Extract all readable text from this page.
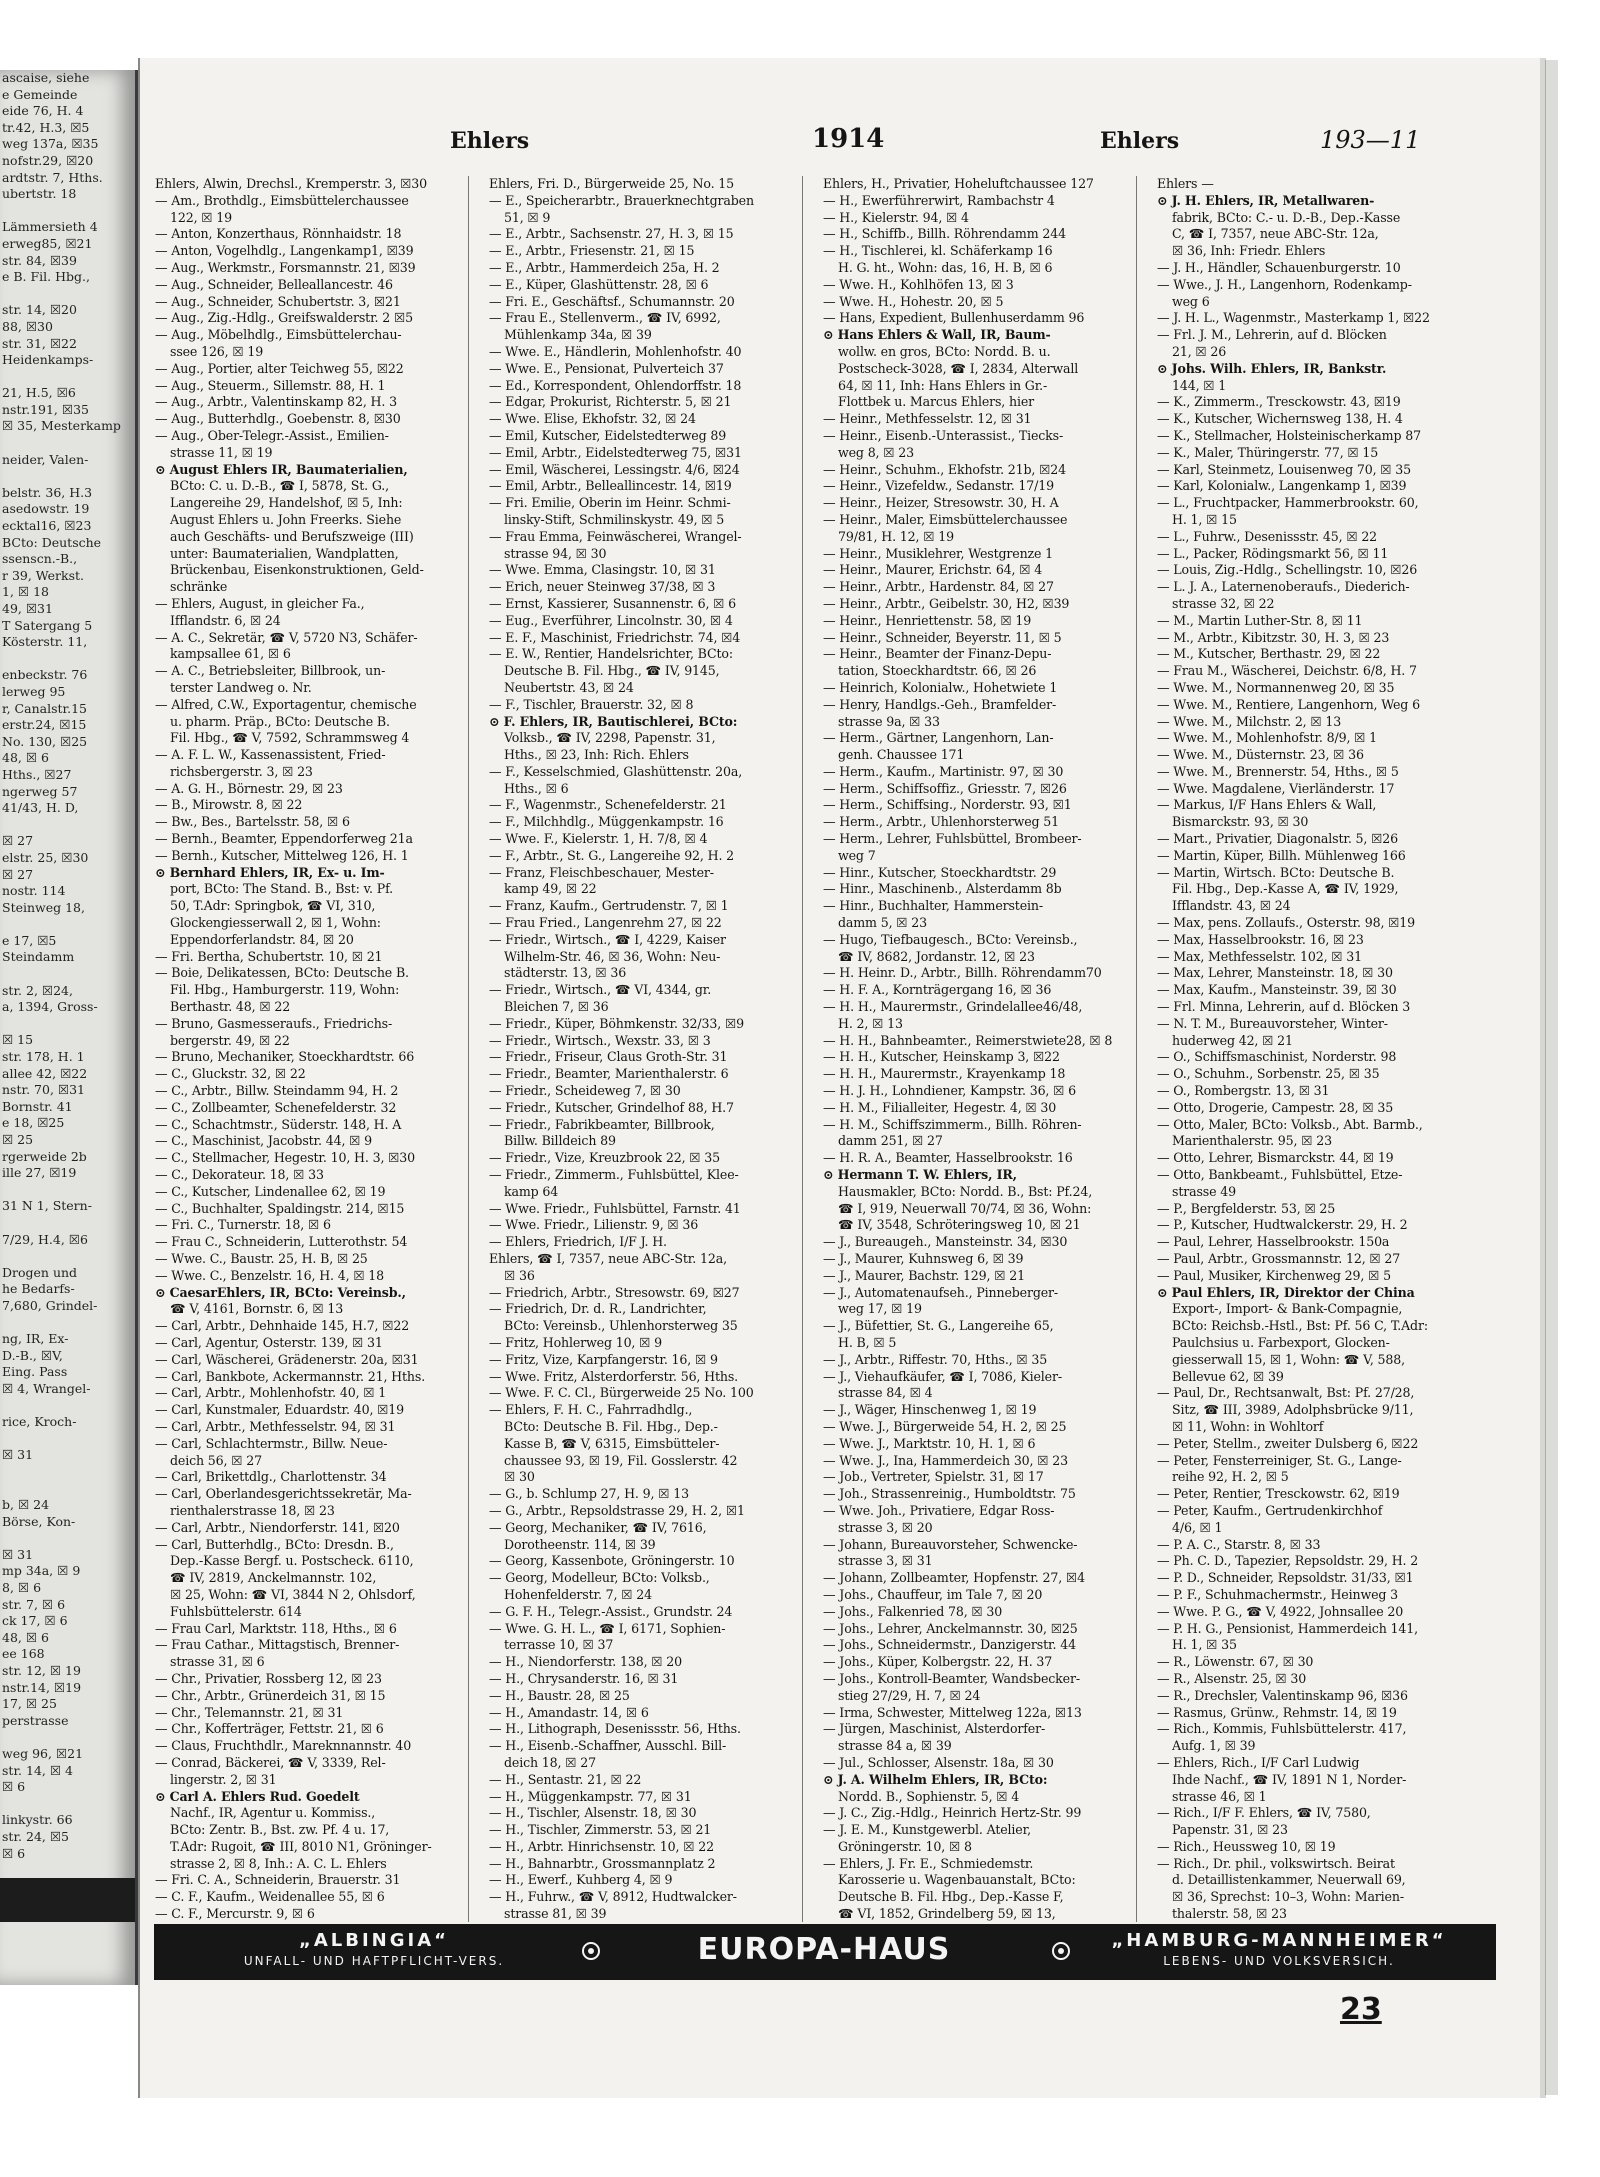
ascaise, siehe
e Gemeinde
eide 76, H. 4
tr.42, H.3, ☒5
weg 137a, ☒35
nofstr.29, ☒20
ardtstr. 7, Hths.
ubertstr. 18

Lämmersieth 4
erweg85, ☒21
str. 84, ☒39
e B. Fil. Hbg.,

str. 14, ☒20
88, ☒30
str. 31, ☒22
Heidenkamps-

21, H.5, ☒6
nstr.191, ☒35
☒ 35, Mesterkamp

neider, Valen-

belstr. 36, H.3
asedowstr. 19
ecktal16, ☒23
BCto: Deutsche
ssenscn.-B.,
r 39, Werkst.
1, ☒ 18
49, ☒31
T Satergang 5
Kösterstr. 11,

enbeckstr. 76
lerweg 95
r, Canalstr.15
erstr.24, ☒15
No. 130, ☒25
48, ☒ 6
Hths., ☒27
ngerweg 57
41/43, H. D,

☒ 27
elstr. 25, ☒30
☒ 27
nostr. 114
Steinweg 18,

e 17, ☒5
Steindamm

str. 2, ☒24,
a, 1394, Gross-

☒ 15
str. 178, H. 1
allee 42, ☒22
nstr. 70, ☒31
Bornstr. 41
e 18, ☒25
☒ 25
rgerweide 2b
ille 27, ☒19

31 N 1, Stern-

7/29, H.4, ☒6

Drogen und
he Bedarfs-
7,680, Grindel-

ng, IR, Ex-
D.-B., ☒V,
Eing. Pass
☒ 4, Wrangel-

rice, Kroch-

☒ 31

b, ☒ 24
Börse, Kon-

☒ 31
mp 34a, ☒ 9
8, ☒ 6
str. 7, ☒ 6
ck 17, ☒ 6
48, ☒ 6
ee 168
str. 12, ☒ 19
nstr.14, ☒19
17, ☒ 25
perstrasse

weg 96, ☒21
str. 14, ☒ 4
☒ 6

linkystr. 66
str. 24, ☒5
☒ 6

Ehlers	1914	Ehlers	193—11
Ehlers, Alwin, Drechsl., Kremperstr. 3, ☒30
— Am., Brothdlg., Eimsbüttelerchaussee
122, ☒ 19
— Anton, Konzerthaus, Rönnhaidstr. 18
— Anton, Vogelhdlg., Langenkamp1, ☒39
— Aug., Werkmstr., Forsmannstr. 21, ☒39
— Aug., Schneider, Belleallancestr. 46
— Aug., Schneider, Schubertstr. 3, ☒21
— Aug., Zig.-Hdlg., Greifswalderstr. 2 ☒5
— Aug., Möbelhdlg., Eimsbüttelerchau-
ssee 126, ☒ 19
— Aug., Portier, alter Teichweg 55, ☒22
— Aug., Steuerm., Sillemstr. 88, H. 1
— Aug., Arbtr., Valentinskamp 82, H. 3
— Aug., Butterhdlg., Goebenstr. 8, ☒30
— Aug., Ober-Telegr.-Assist., Emilien-
strasse 11, ☒ 19
⊙ August Ehlers IR, Baumaterialien,
BCto: C. u. D.-B., ☎ I, 5878, St. G.,
Langereihe 29, Handelshof, ☒ 5, Inh:
August Ehlers u. John Freerks. Siehe
auch Geschäfts- und Berufszweige (III)
unter: Baumaterialien, Wandplatten,
Brückenbau, Eisenkonstruktionen, Geld-
schränke
— Ehlers, August, in gleicher Fa.,
Ifflandstr. 6, ☒ 24
— A. C., Sekretär, ☎ V, 5720 N3, Schäfer-
kampsallee 61, ☒ 6
— A. C., Betriebsleiter, Billbrook, un-
terster Landweg o. Nr.
— Alfred, C.W., Exportagentur, chemische
u. pharm. Präp., BCto: Deutsche B.
Fil. Hbg., ☎ V, 7592, Schrammsweg 4
— A. F. L. W., Kassenassistent, Fried-
richsbergerstr. 3, ☒ 23
— A. G. H., Börnestr. 29, ☒ 23
— B., Mirowstr. 8, ☒ 22
— Bw., Bes., Bartelsstr. 58, ☒ 6
— Bernh., Beamter, Eppendorferweg 21a
— Bernh., Kutscher, Mittelweg 126, H. 1
⊙ Bernhard Ehlers, IR, Ex- u. Im-
port, BCto: The Stand. B., Bst: v. Pf.
50, T.Adr: Springbok, ☎ VI, 310,
Glockengiesserwall 2, ☒ 1, Wohn:
Eppendorferlandstr. 84, ☒ 20
— Fri. Bertha, Schubertstr. 10, ☒ 21
— Boie, Delikatessen, BCto: Deutsche B.
Fil. Hbg., Hamburgerstr. 119, Wohn:
Berthastr. 48, ☒ 22
— Bruno, Gasmesseraufs., Friedrichs-
bergerstr. 49, ☒ 22
— Bruno, Mechaniker, Stoeckhardtstr. 66
— C., Gluckstr. 32, ☒ 22
— C., Arbtr., Billw. Steindamm 94, H. 2
— C., Zollbeamter, Schenefelderstr. 32
— C., Schachtmstr., Süderstr. 148, H. A
— C., Maschinist, Jacobstr. 44, ☒ 9
— C., Stellmacher, Hegestr. 10, H. 3, ☒30
— C., Dekorateur. 18, ☒ 33
— C., Kutscher, Lindenallee 62, ☒ 19
— C., Buchhalter, Spaldingstr. 214, ☒15
— Fri. C., Turnerstr. 18, ☒ 6
— Frau C., Schneiderin, Lutterothstr. 54
— Wwe. C., Baustr. 25, H. B, ☒ 25
— Wwe. C., Benzelstr. 16, H. 4, ☒ 18
⊙ CaesarEhlers, IR, BCto: Vereinsb.,
☎ V, 4161, Bornstr. 6, ☒ 13
— Carl, Arbtr., Dehnhaide 145, H.7, ☒22
— Carl, Agentur, Osterstr. 139, ☒ 31
— Carl, Wäscherei, Grädenerstr. 20a, ☒31
— Carl, Bankbote, Ackermannstr. 21, Hths.
— Carl, Arbtr., Mohlenhofstr. 40, ☒ 1
— Carl, Kunstmaler, Eduardstr. 40, ☒19
— Carl, Arbtr., Methfesselstr. 94, ☒ 31
— Carl, Schlachtermstr., Billw. Neue-
deich 56, ☒ 27
— Carl, Brikettdlg., Charlottenstr. 34
— Carl, Oberlandesgerichtssekretär, Ma-
rienthalerstrasse 18, ☒ 23
— Carl, Arbtr., Niendorferstr. 141, ☒20
— Carl, Butterhdlg., BCto: Dresdn. B.,
Dep.-Kasse Bergf. u. Postscheck. 6110,
☎ IV, 2819, Anckelmannstr. 102,
☒ 25, Wohn: ☎ VI, 3844 N 2, Ohlsdorf,
Fuhlsbüttelerstr. 614
— Frau Carl, Marktstr. 118, Hths., ☒ 6
— Frau Cathar., Mittagstisch, Brenner-
strasse 31, ☒ 6
— Chr., Privatier, Rossberg 12, ☒ 23
— Chr., Arbtr., Grünerdeich 31, ☒ 15
— Chr., Telemannstr. 21, ☒ 31
— Chr., Kofferträger, Fettstr. 21, ☒ 6
— Claus, Fruchthdlr., Mareknnannstr. 40
— Conrad, Bäckerei, ☎ V, 3339, Rel-
lingerstr. 2, ☒ 31
⊙ Carl A. Ehlers Rud. Goedelt
Nachf., IR, Agentur u. Kommiss.,
BCto: Zentr. B., Bst. zw. Pf. 4 u. 17,
T.Adr: Rugoit, ☎ III, 8010 N1, Gröninger-
strasse 2, ☒ 8, Inh.: A. C. L. Ehlers
— Fri. C. A., Schneiderin, Brauerstr. 31
— C. F., Kaufm., Weidenallee 55, ☒ 6
— C. F., Mercurstr. 9, ☒ 6
Ehlers, Fri. D., Bürgerweide 25, No. 15
— E., Speicherarbtr., Brauerknechtgraben
51, ☒ 9
— E., Arbtr., Sachsenstr. 27, H. 3, ☒ 15
— E., Arbtr., Friesenstr. 21, ☒ 15
— E., Arbtr., Hammerdeich 25a, H. 2
— E., Küper, Glashüttenstr. 28, ☒ 6
— Fri. E., Geschäftsf., Schumannstr. 20
— Frau E., Stellenverm., ☎ IV, 6992,
Mühlenkamp 34a, ☒ 39
— Wwe. E., Händlerin, Mohlenhofstr. 40
— Wwe. E., Pensionat, Pulverteich 37
— Ed., Korrespondent, Ohlendorffstr. 18
— Edgar, Prokurist, Richterstr. 5, ☒ 21
— Wwe. Elise, Ekhofstr. 32, ☒ 24
— Emil, Kutscher, Eidelstedterweg 89
— Emil, Arbtr., Eidelstedterweg 75, ☒31
— Emil, Wäscherei, Lessingstr. 4/6, ☒24
— Emil, Arbtr., Belleallincestr. 14, ☒19
— Fri. Emilie, Oberin im Heinr. Schmi-
linsky-Stift, Schmilinskystr. 49, ☒ 5
— Frau Emma, Feinwäscherei, Wrangel-
strasse 94, ☒ 30
— Wwe. Emma, Clasingstr. 10, ☒ 31
— Erich, neuer Steinweg 37/38, ☒ 3
— Ernst, Kassierer, Susannenstr. 6, ☒ 6
— Eug., Everführer, Lincolnstr. 30, ☒ 4
— E. F., Maschinist, Friedrichstr. 74, ☒4
— E. W., Rentier, Handelsrichter, BCto:
Deutsche B. Fil. Hbg., ☎ IV, 9145,
Neubertstr. 43, ☒ 24
— F., Tischler, Brauerstr. 32, ☒ 8
⊙ F. Ehlers, IR, Bautischlerei, BCto:
Volksb., ☎ IV, 2298, Papenstr. 31,
Hths., ☒ 23, Inh: Rich. Ehlers
— F., Kesselschmied, Glashüttenstr. 20a,
Hths., ☒ 6
— F., Wagenmstr., Schenefelderstr. 21
— F., Milchhdlg., Müggenkampstr. 16
— Wwe. F., Kielerstr. 1, H. 7/8, ☒ 4
— F., Arbtr., St. G., Langereihe 92, H. 2
— Franz, Fleischbeschauer, Mester-
kamp 49, ☒ 22
— Franz, Kaufm., Gertrudenstr. 7, ☒ 1
— Frau Fried., Langenrehm 27, ☒ 22
— Friedr., Wirtsch., ☎ I, 4229, Kaiser
Wilhelm-Str. 46, ☒ 36, Wohn: Neu-
städterstr. 13, ☒ 36
— Friedr., Wirtsch., ☎ VI, 4344, gr.
Bleichen 7, ☒ 36
— Friedr., Küper, Böhmkenstr. 32/33, ☒9
— Friedr., Wirtsch., Wexstr. 33, ☒ 3
— Friedr., Friseur, Claus Groth-Str. 31
— Friedr., Beamter, Marienthalerstr. 6
— Friedr., Scheideweg 7, ☒ 30
— Friedr., Kutscher, Grindelhof 88, H.7
— Friedr., Fabrikbeamter, Billbrook,
Billw. Billdeich 89
— Friedr., Vize, Kreuzbrook 22, ☒ 35
— Friedr., Zimmerm., Fuhlsbüttel, Klee-
kamp 64
— Wwe. Friedr., Fuhlsbüttel, Farnstr. 41
— Wwe. Friedr., Lilienstr. 9, ☒ 36
— Ehlers, Friedrich, I/F J. H.
Ehlers, ☎ I, 7357, neue ABC-Str. 12a,
☒ 36
— Friedrich, Arbtr., Stresowstr. 69, ☒27
— Friedrich, Dr. d. R., Landrichter,
BCto: Vereinsb., Uhlenhorsterweg 35
— Fritz, Hohlerweg 10, ☒ 9
— Fritz, Vize, Karpfangerstr. 16, ☒ 9
— Wwe. Fritz, Alsterdorferstr. 56, Hths.
— Wwe. F. C. Cl., Bürgerweide 25 No. 100
— Ehlers, F. H. C., Fahrradhdlg.,
BCto: Deutsche B. Fil. Hbg., Dep.-
Kasse B, ☎ V, 6315, Eimsbütteler-
chaussee 93, ☒ 19, Fil. Gosslerstr. 42
☒ 30
— G., b. Schlump 27, H. 9, ☒ 13
— G., Arbtr., Repsoldstrasse 29, H. 2, ☒1
— Georg, Mechaniker, ☎ IV, 7616,
Dorotheenstr. 114, ☒ 39
— Georg, Kassenbote, Gröningerstr. 10
— Georg, Modelleur, BCto: Volksb.,
Hohenfelderstr. 7, ☒ 24
— G. F. H., Telegr.-Assist., Grundstr. 24
— Wwe. G. H. L., ☎ I, 6171, Sophien-
terrasse 10, ☒ 37
— H., Niendorferstr. 138, ☒ 20
— H., Chrysanderstr. 16, ☒ 31
— H., Baustr. 28, ☒ 25
— H., Amandastr. 14, ☒ 6
— H., Lithograph, Desenissstr. 56, Hths.
— H., Eisenb.-Schaffner, Ausschl. Bill-
deich 18, ☒ 27
— H., Sentastr. 21, ☒ 22
— H., Müggenkampstr. 77, ☒ 31
— H., Tischler, Alsenstr. 18, ☒ 30
— H., Tischler, Zimmerstr. 53, ☒ 21
— H., Arbtr. Hinrichsenstr. 10, ☒ 22
— H., Bahnarbtr., Grossmannplatz 2
— H., Ewerf., Kuhberg 4, ☒ 9
— H., Fuhrw., ☎ V, 8912, Hudtwalcker-
strasse 81, ☒ 39
Ehlers, H., Privatier, Hoheluftchaussee 127
— H., Ewerführerwirt, Rambachstr 4
— H., Kielerstr. 94, ☒ 4
— H., Schiffb., Billh. Röhrendamm 244
— H., Tischlerei, kl. Schäferkamp 16
H. G. ht., Wohn: das, 16, H. B, ☒ 6
— Wwe. H., Kohlhöfen 13, ☒ 3
— Wwe. H., Hohestr. 20, ☒ 5
— Hans, Expedient, Bullenhuserdamm 96
⊙ Hans Ehlers & Wall, IR, Baum-
wollw. en gros, BCto: Nordd. B. u.
Postscheck-3028, ☎ I, 2834, Alterwall
64, ☒ 11, Inh: Hans Ehlers in Gr.-
Flottbek u. Marcus Ehlers, hier
— Heinr., Methfesselstr. 12, ☒ 31
— Heinr., Eisenb.-Unterassist., Tiecks-
weg 8, ☒ 23
— Heinr., Schuhm., Ekhofstr. 21b, ☒24
— Heinr., Vizefeldw., Sedanstr. 17/19
— Heinr., Heizer, Stresowstr. 30, H. A
— Heinr., Maler, Eimsbüttelerchaussee
79/81, H. 12, ☒ 19
— Heinr., Musiklehrer, Westgrenze 1
— Heinr., Maurer, Erichstr. 64, ☒ 4
— Heinr., Arbtr., Hardenstr. 84, ☒ 27
— Heinr., Arbtr., Geibelstr. 30, H2, ☒39
— Heinr., Henriettenstr. 58, ☒ 19
— Heinr., Schneider, Beyerstr. 11, ☒ 5
— Heinr., Beamter der Finanz-Depu-
tation, Stoeckhardtstr. 66, ☒ 26
— Heinrich, Kolonialw., Hohetwiete 1
— Henry, Handlgs.-Geh., Bramfelder-
strasse 9a, ☒ 33
— Herm., Gärtner, Langenhorn, Lan-
genh. Chaussee 171
— Herm., Kaufm., Martinistr. 97, ☒ 30
— Herm., Schiffsoffiz., Griesstr. 7, ☒26
— Herm., Schiffsing., Norderstr. 93, ☒1
— Herm., Arbtr., Uhlenhorsterweg 51
— Herm., Lehrer, Fuhlsbüttel, Brombeer-
weg 7
— Hinr., Kutscher, Stoeckhardtstr. 29
— Hinr., Maschinenb., Alsterdamm 8b
— Hinr., Buchhalter, Hammerstein-
damm 5, ☒ 23
— Hugo, Tiefbaugesch., BCto: Vereinsb.,
☎ IV, 8682, Jordanstr. 12, ☒ 23
— H. Heinr. D., Arbtr., Billh. Röhrendamm70
— H. F. A., Kornträgergang 16, ☒ 36
— H. H., Maurermstr., Grindelallee46/48,
H. 2, ☒ 13
— H. H., Bahnbeamter., Reimerstwiete28, ☒ 8
— H. H., Kutscher, Heinskamp 3, ☒22
— H. H., Maurermstr., Krayenkamp 18
— H. J. H., Lohndiener, Kampstr. 36, ☒ 6
— H. M., Filialleiter, Hegestr. 4, ☒ 30
— H. M., Schiffszimmerm., Billh. Röhren-
damm 251, ☒ 27
— H. R. A., Beamter, Hasselbrookstr. 16
⊙ Hermann T. W. Ehlers, IR,
Hausmakler, BCto: Nordd. B., Bst: Pf.24,
☎ I, 919, Neuerwall 70/74, ☒ 36, Wohn:
☎ IV, 3548, Schröteringsweg 10, ☒ 21
— J., Bureaugeh., Mansteinstr. 34, ☒30
— J., Maurer, Kuhnsweg 6, ☒ 39
— J., Maurer, Bachstr. 129, ☒ 21
— J., Automatenaufseh., Pinneberger-
weg 17, ☒ 19
— J., Büfettier, St. G., Langereihe 65,
H. B, ☒ 5
— J., Arbtr., Riffestr. 70, Hths., ☒ 35
— J., Viehaufkäufer, ☎ I, 7086, Kieler-
strasse 84, ☒ 4
— J., Wäger, Hinschenweg 1, ☒ 19
— Wwe. J., Bürgerweide 54, H. 2, ☒ 25
— Wwe. J., Marktstr. 10, H. 1, ☒ 6
— Wwe. J., Ina, Hammerdeich 30, ☒ 23
— Job., Vertreter, Spielstr. 31, ☒ 17
— Joh., Strassenreinig., Humboldtstr. 75
— Wwe. Joh., Privatiere, Edgar Ross-
strasse 3, ☒ 20
— Johann, Bureauvorsteher, Schwencke-
strasse 3, ☒ 31
— Johann, Zollbeamter, Hopfenstr. 27, ☒4
— Johs., Chauffeur, im Tale 7, ☒ 20
— Johs., Falkenried 78, ☒ 30
— Johs., Lehrer, Anckelmannstr. 30, ☒25
— Johs., Schneidermstr., Danzigerstr. 44
— Johs., Küper, Kolbergstr. 22, H. 37
— Johs., Kontroll-Beamter, Wandsbecker-
stieg 27/29, H. 7, ☒ 24
— Irma, Schwester, Mittelweg 122a, ☒13
— Jürgen, Maschinist, Alsterdorfer-
strasse 84 a, ☒ 39
— Jul., Schlosser, Alsenstr. 18a, ☒ 30
⊙ J. A. Wilhelm Ehlers, IR, BCto:
Nordd. B., Sophienstr. 5, ☒ 4
— J. C., Zig.-Hdlg., Heinrich Hertz-Str. 99
— J. E. M., Kunstgewerbl. Atelier,
Gröningerstr. 10, ☒ 8
— Ehlers, J. Fr. E., Schmiedemstr.
Karosserie u. Wagenbauanstalt, BCto:
Deutsche B. Fil. Hbg., Dep.-Kasse F,
☎ VI, 1852, Grindelberg 59, ☒ 13,
Ehlers —
⊙ J. H. Ehlers, IR, Metallwaren-
fabrik, BCto: C.- u. D.-B., Dep.-Kasse
C, ☎ I, 7357, neue ABC-Str. 12a,
☒ 36, Inh: Friedr. Ehlers
— J. H., Händler, Schauenburgerstr. 10
— Wwe., J. H., Langenhorn, Rodenkamp-
weg 6
— J. H. L., Wagenmstr., Masterkamp 1, ☒22
— Frl. J. M., Lehrerin, auf d. Blöcken
21, ☒ 26
⊙ Johs. Wilh. Ehlers, IR, Bankstr.
144, ☒ 1
— K., Zimmerm., Tresckowstr. 43, ☒19
— K., Kutscher, Wichernsweg 138, H. 4
— K., Stellmacher, Holsteinischerkamp 87
— K., Maler, Thüringerstr. 77, ☒ 15
— Karl, Steinmetz, Louisenweg 70, ☒ 35
— Karl, Kolonialw., Langenkamp 1, ☒39
— L., Fruchtpacker, Hammerbrookstr. 60,
H. 1, ☒ 15
— L., Fuhrw., Desenissstr. 45, ☒ 22
— L., Packer, Rödingsmarkt 56, ☒ 11
— Louis, Zig.-Hdlg., Schellingstr. 10, ☒26
— L. J. A., Laternenoberaufs., Diederich-
strasse 32, ☒ 22
— M., Martin Luther-Str. 8, ☒ 11
— M., Arbtr., Kibitzstr. 30, H. 3, ☒ 23
— M., Kutscher, Berthastr. 29, ☒ 22
— Frau M., Wäscherei, Deichstr. 6/8, H. 7
— Wwe. M., Normannenweg 20, ☒ 35
— Wwe. M., Rentiere, Langenhorn, Weg 6
— Wwe. M., Milchstr. 2, ☒ 13
— Wwe. M., Mohlenhofstr. 8/9, ☒ 1
— Wwe. M., Düsternstr. 23, ☒ 36
— Wwe. M., Brennerstr. 54, Hths., ☒ 5
— Wwe. Magdalene, Vierländerstr. 17
— Markus, I/F Hans Ehlers & Wall,
Bismarckstr. 93, ☒ 30
— Mart., Privatier, Diagonalstr. 5, ☒26
— Martin, Küper, Billh. Mühlenweg 166
— Martin, Wirtsch. BCto: Deutsche B.
Fil. Hbg., Dep.-Kasse A, ☎ IV, 1929,
Ifflandstr. 43, ☒ 24
— Max, pens. Zollaufs., Osterstr. 98, ☒19
— Max, Hasselbrookstr. 16, ☒ 23
— Max, Methfesselstr. 102, ☒ 31
— Max, Lehrer, Mansteinstr. 18, ☒ 30
— Max, Kaufm., Mansteinstr. 39, ☒ 30
— Frl. Minna, Lehrerin, auf d. Blöcken 3
— N. T. M., Bureauvorsteher, Winter-
huderweg 42, ☒ 21
— O., Schiffsmaschinist, Norderstr. 98
— O., Schuhm., Sorbenstr. 25, ☒ 35
— O., Rombergstr. 13, ☒ 31
— Otto, Drogerie, Campestr. 28, ☒ 35
— Otto, Maler, BCto: Volksb., Abt. Barmb.,
Marienthalerstr. 95, ☒ 23
— Otto, Lehrer, Bismarckstr. 44, ☒ 19
— Otto, Bankbeamt., Fuhlsbüttel, Etze-
strasse 49
— P., Bergfelderstr. 53, ☒ 25
— P., Kutscher, Hudtwalckerstr. 29, H. 2
— Paul, Lehrer, Hasselbrookstr. 150a
— Paul, Arbtr., Grossmannstr. 12, ☒ 27
— Paul, Musiker, Kirchenweg 29, ☒ 5
⊙ Paul Ehlers, IR, Direktor der China
Export-, Import- & Bank-Compagnie,
BCto: Reichsb.-Hstl., Bst: Pf. 56 C, T.Adr:
Paulchsius u. Farbexport, Glocken-
giesserwall 15, ☒ 1, Wohn: ☎ V, 588,
Bellevue 62, ☒ 39
— Paul, Dr., Rechtsanwalt, Bst: Pf. 27/28,
Sitz, ☎ III, 3989, Adolphsbrücke 9/11,
☒ 11, Wohn: in Wohltorf
— Peter, Stellm., zweiter Dulsberg 6, ☒22
— Peter, Fensterreiniger, St. G., Lange-
reihe 92, H. 2, ☒ 5
— Peter, Rentier, Tresckowstr. 62, ☒19
— Peter, Kaufm., Gertrudenkirchhof
4/6, ☒ 1
— P. A. C., Starstr. 8, ☒ 33
— Ph. C. D., Tapezier, Repsoldstr. 29, H. 2
— P. D., Schneider, Repsoldstr. 31/33, ☒1
— P. F., Schuhmachermstr., Heinweg 3
— Wwe. P. G., ☎ V, 4922, Johnsallee 20
— P. H. G., Pensionist, Hammerdeich 141,
H. 1, ☒ 35
— R., Löwenstr. 67, ☒ 30
— R., Alsenstr. 25, ☒ 30
— R., Drechsler, Valentinskamp 96, ☒36
— Rasmus, Grünw., Rehmstr. 14, ☒ 19
— Rich., Kommis, Fuhlsbüttelerstr. 417,
Aufg. 1, ☒ 39
— Ehlers, Rich., I/F Carl Ludwig
Ihde Nachf., ☎ IV, 1891 N 1, Norder-
strasse 46, ☒ 1
— Rich., I/F F. Ehlers, ☎ IV, 7580,
Papenstr. 31, ☒ 23
— Rich., Heussweg 10, ☒ 19
— Rich., Dr. phil., volkswirtsch. Beirat
d. Detaillistenkammer, Neuerwall 69,
☒ 36, Sprechst: 10–3, Wohn: Marien-
thalerstr. 58, ☒ 23
„ALBINGIA“
UNFALL- UND HAFTPFLICHT-VERS.	EUROPA-HAUS	„HAMBURG-MANNHEIMER“
LEBENS- UND VOLKSVERSICH.
23
